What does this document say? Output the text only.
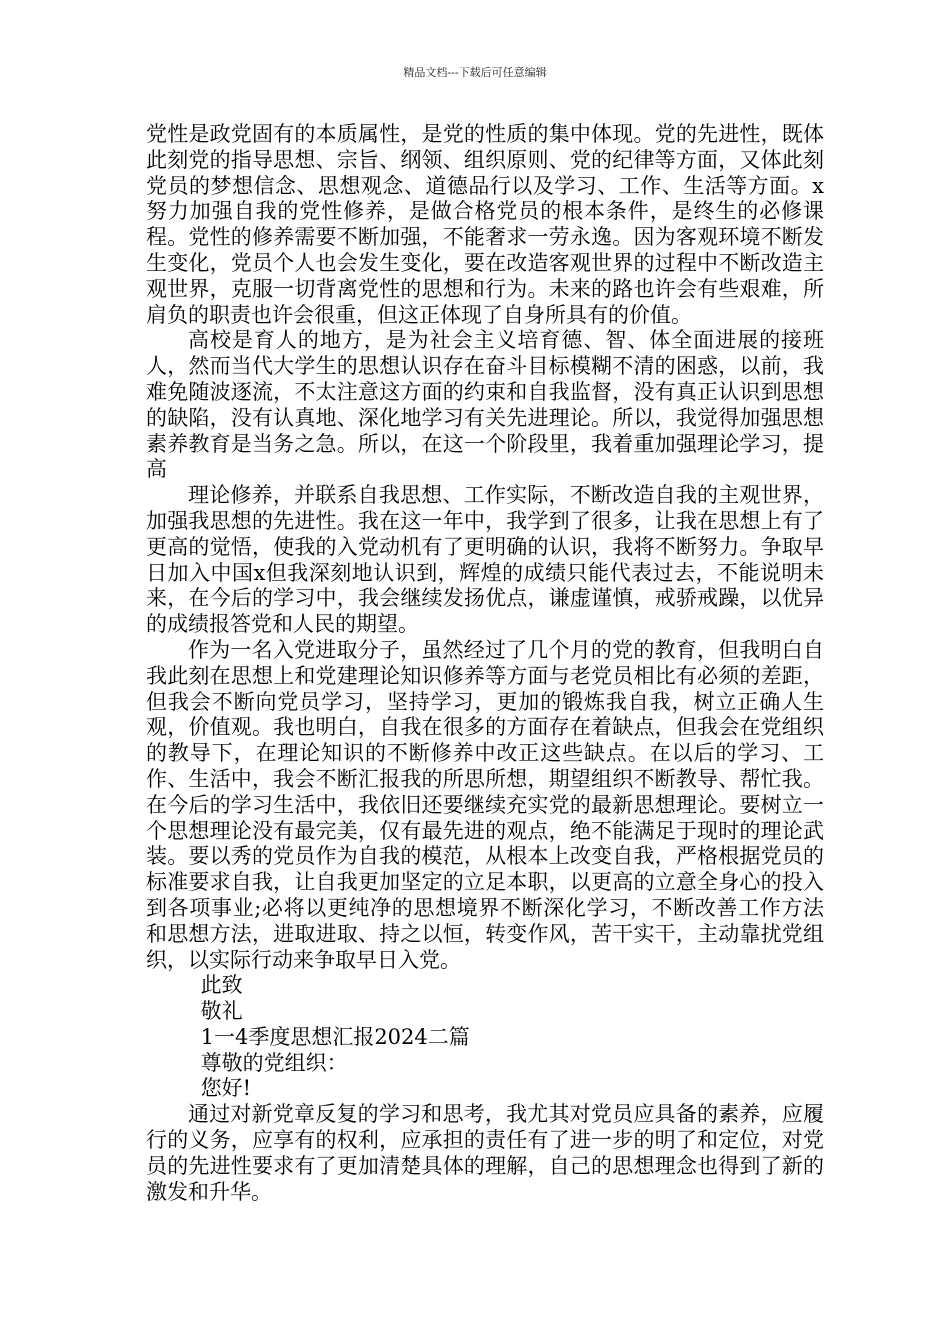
精品文档---下载后可任意编辑

党性是政党固有的本质属性，是党的性质的集中体现。党的先进性，既体此刻党的指导思想、宗旨、纲领、组织原则、党的纪律等方面，又体此刻党员的梦想信念、思想观念、道德品行以及学习、工作、生活等方面。x努力加强自我的党性修养，是做合格党员的根本条件，是终生的必修课程。党性的修养需要不断加强，不能奢求一劳永逸。因为客观环境不断发生变化，党员个人也会发生变化，要在改造客观世界的过程中不断改造主观世界，克服一切背离党性的思想和行为。未来的路也许会有些艰难，所肩负的职责也许会很重，但这正体现了自身所具有的价值。

高校是育人的地方，是为社会主义培育德、智、体全面进展的接班人，然而当代大学生的思想认识存在奋斗目标模糊不清的困惑，以前，我难免随波逐流，不太注意这方面的约束和自我监督，没有真正认识到思想的缺陷，没有认真地、深化地学习有关先进理论。所以，我觉得加强思想素养教育是当务之急。所以，在这一个阶段里，我着重加强理论学习，提高

理论修养，并联系自我思想、工作实际，不断改造自我的主观世界，加强我思想的先进性。我在这一年中，我学到了很多，让我在思想上有了更高的觉悟，使我的入党动机有了更明确的认识，我将不断努力。争取早日加入中国x但我深刻地认识到，辉煌的成绩只能代表过去，不能说明未来，在今后的学习中，我会继续发扬优点，谦虚谨慎，戒骄戒躁，以优异的成绩报答党和人民的期望。

作为一名入党进取分子，虽然经过了几个月的党的教育，但我明白自我此刻在思想上和党建理论知识修养等方面与老党员相比有必须的差距，但我会不断向党员学习，坚持学习，更加的锻炼我自我，树立正确人生观，价值观。我也明白，自我在很多的方面存在着缺点，但我会在党组织的教导下，在理论知识的不断修养中改正这些缺点。在以后的学习、工作、生活中，我会不断汇报我的所思所想，期望组织不断教导、帮忙我。在今后的学习生活中，我依旧还要继续充实党的最新思想理论。要树立一个思想理论没有最完美，仅有最先进的观点，绝不能满足于现时的理论武装。要以秀的党员作为自我的模范，从根本上改变自我，严格根据党员的标准要求自我，让自我更加坚定的立足本职，以更高的立意全身心的投入到各项事业;必将以更纯净的思想境界不断深化学习，不断改善工作方法和思想方法，进取进取、持之以恒，转变作风，苦干实干，主动靠扰党组织，以实际行动来争取早日入党。

此致

敬礼

1一4季度思想汇报2024二篇

尊敬的党组织：

您好!

通过对新党章反复的学习和思考，我尤其对党员应具备的素养，应履行的义务，应享有的权利，应承担的责任有了进一步的明了和定位，对党员的先进性要求有了更加清楚具体的理解，自己的思想理念也得到了新的激发和升华。
